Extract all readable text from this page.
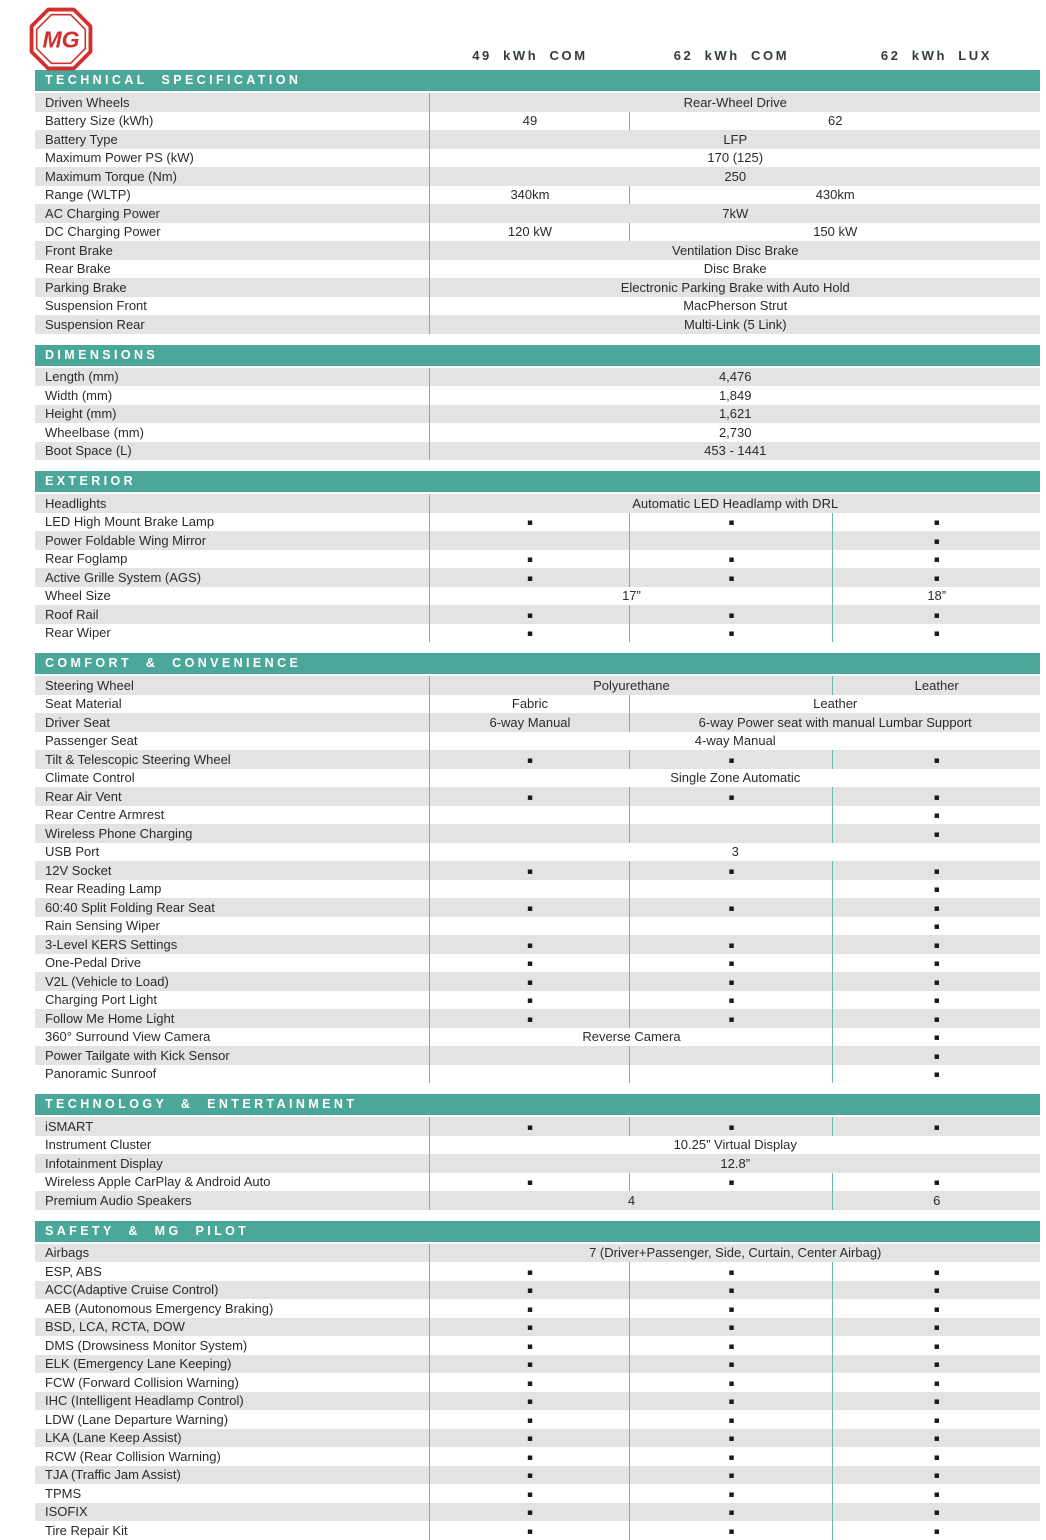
MG
49 kWh COM	62 kWh COM	62 kWh LUX
TECHNICAL SPECIFICATION
Driven Wheels	Rear-Wheel Drive	
Battery Size (kWh)	49	62
Battery Type	LFP	
Maximum Power PS (kW)	170 (125)	
Maximum Torque (Nm)	250	
Range (WLTP)	340km	430km
AC Charging Power	7kW	
DC Charging Power	120 kW	150 kW
Front Brake	Ventilation Disc Brake	
Rear Brake	Disc Brake	
Parking Brake	Electronic Parking Brake with Auto Hold	
Suspension Front	MacPherson Strut	
Suspension Rear	Multi-Link (5 Link)	
DIMENSIONS
Length (mm)	4,476
Width (mm)	1,849
Height (mm)	1,621
Wheelbase (mm)	2,730
Boot Space (L)	453 - 1441
EXTERIOR
Headlights	Automatic LED Headlamp with DRL		
LED High Mount Brake Lamp	▪	▪	▪
Power Foldable Wing Mirror			▪
Rear Foglamp	▪	▪	▪
Active Grille System (AGS)	▪	▪	▪
Wheel Size	17”		18”
Roof Rail	▪	▪	▪
Rear Wiper	▪	▪	▪
COMFORT & CONVENIENCE
Steering Wheel	Polyurethane		Leather
Seat Material	Fabric	Leather	
Driver Seat	6-way Manual	6-way Power seat with manual Lumbar Support	
Passenger Seat	4-way Manual		
Tilt & Telescopic Steering Wheel	▪	▪	▪
Climate Control	Single Zone Automatic		
Rear Air Vent	▪	▪	▪
Rear Centre Armrest			▪
Wireless Phone Charging			▪
USB Port	3		
12V Socket	▪	▪	▪
Rear Reading Lamp			▪
60:40 Split Folding Rear Seat	▪	▪	▪
Rain Sensing Wiper			▪
3-Level KERS Settings	▪	▪	▪
One-Pedal Drive	▪	▪	▪
V2L (Vehicle to Load)	▪	▪	▪
Charging Port Light	▪	▪	▪
Follow Me Home Light	▪	▪	▪
360° Surround View Camera	Reverse Camera		▪
Power Tailgate with Kick Sensor			▪
Panoramic Sunroof			▪
TECHNOLOGY & ENTERTAINMENT
iSMART	▪	▪	▪
Instrument Cluster	10.25” Virtual Display		
Infotainment Display	12.8”		
Wireless Apple CarPlay & Android Auto	▪	▪	▪
Premium Audio Speakers	4		6
SAFETY & MG PILOT
Airbags	7 (Driver+Passenger, Side, Curtain, Center Airbag)		
ESP, ABS	▪	▪	▪
ACC(Adaptive Cruise Control)	▪	▪	▪
AEB (Autonomous Emergency Braking)	▪	▪	▪
BSD, LCA, RCTA, DOW	▪	▪	▪
DMS (Drowsiness Monitor System)	▪	▪	▪
ELK (Emergency Lane Keeping)	▪	▪	▪
FCW (Forward Collision Warning)	▪	▪	▪
IHC (Intelligent Headlamp Control)	▪	▪	▪
LDW (Lane Departure Warning)	▪	▪	▪
LKA (Lane Keep Assist)	▪	▪	▪
RCW (Rear Collision Warning)	▪	▪	▪
TJA (Traffic Jam Assist)	▪	▪	▪
TPMS	▪	▪	▪
ISOFIX	▪	▪	▪
Tire Repair Kit	▪	▪	▪
